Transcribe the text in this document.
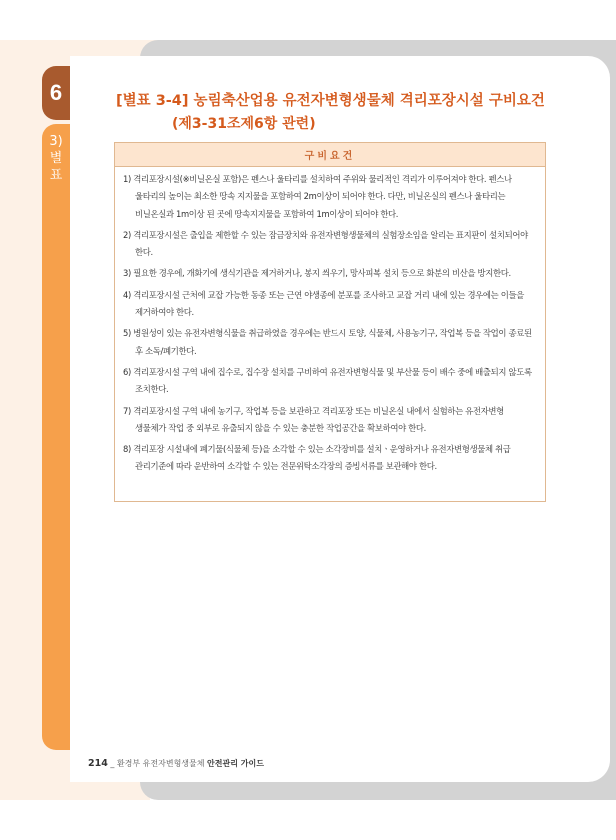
6
3)
별
표
[별표 3-4] 농림축산업용 유전자변형생물체 격리포장시설 구비요건
(제3-31조제6항 관련)
구비요건
1) 격리포장시설(※비닐온실 포함)은 펜스나 울타리를 설치하여 주위와 물리적인 격리가 이루어져야 한다. 펜스나 울타리의 높이는 최소한 땅속 지지물을 포함하여 2m이상이 되어야 한다. 다만, 비닐온실의 펜스나 울타리는 비닐온실과 1m이상 된 곳에 땅속지지물을 포함하여 1m이상이 되어야 한다.
2) 격리포장시설은 출입을 제한할 수 있는 잠금장치와 유전자변형생물체의 실험장소임을 알리는 표지판이 설치되어야 한다.
3) 필요한 경우에, 개화기에 생식기관을 제거하거나, 봉지 씌우기, 망사피복 설치 등으로 화분의 비산을 방지한다.
4) 격리포장시설 근처에 교잡 가능한 동종 또는 근연 야생종에 분포를 조사하고 교잡 거리 내에 있는 경우에는 이들을 제거하여야 한다.
5) 병원성이 있는 유전자변형식물을 취급하였을 경우에는 반드시 토양, 식물체, 사용농기구, 작업복 등을 작업이 종료된 후 소독/폐기한다.
6) 격리포장시설 구역 내에 집수로, 집수장 설치를 구비하여 유전자변형식물 및 부산물 등이 배수 중에 배출되지 않도록 조치한다.
7) 격리포장시설 구역 내에 농기구, 작업복 등을 보관하고 격리포장 또는 비닐온실 내에서 실험하는 유전자변형 생물체가 작업 중 외부로 유출되지 않을 수 있는 충분한 작업공간을 확보하여야 한다.
8) 격리포장 시설내에 폐기물(식물체 등)을 소각할 수 있는 소각장비를 설치ㆍ운영하거나 유전자변형생물체 취급 관리기준에 따라 운반하여 소각할 수 있는 전문위탁소각장의 증빙서류를 보관해야 한다.
214 _ 환경부 유전자변형생물체 안전관리 가이드
